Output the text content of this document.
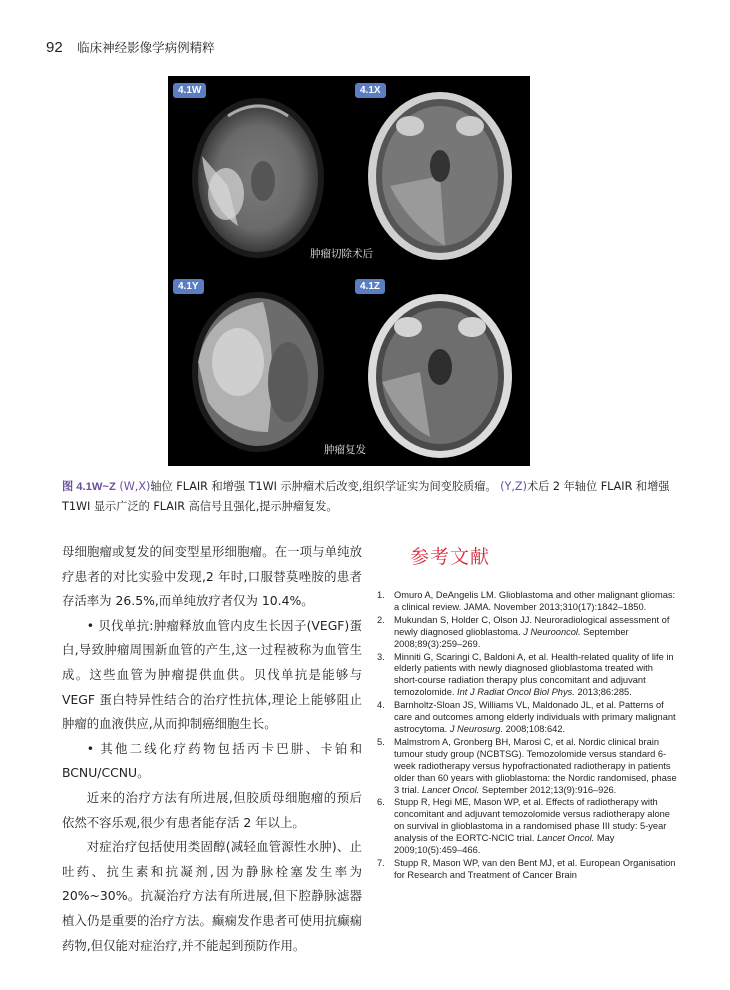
92 临床神经影像学病例精粹
4.1W	4.1X
肿瘤切除术后
4.1Y	4.1Z
肿瘤复发
图 4.1W~Z (W,X)轴位 FLAIR 和增强 T1WI 示肿瘤术后改变,组织学证实为间变胶质瘤。 (Y,Z)术后 2 年轴位 FLAIR 和增强 T1WI 显示广泛的 FLAIR 高信号且强化,提示肿瘤复发。

母细胞瘤或复发的间变型星形细胞瘤。在一项与单纯放疗患者的对比实验中发现,2 年时,口服替莫唑胺的患者存活率为 26.5%,而单纯放疗者仅为 10.4%。

• 贝伐单抗:肿瘤释放血管内皮生长因子(VEGF)蛋白,导致肿瘤周围新血管的产生,这一过程被称为血管生成。这些血管为肿瘤提供血供。贝伐单抗是能够与 VEGF 蛋白特异性结合的治疗性抗体,理论上能够阻止肿瘤的血液供应,从而抑制癌细胞生长。

• 其他二线化疗药物包括丙卡巴肼、卡铂和 BCNU/CCNU。

近来的治疗方法有所进展,但胶质母细胞瘤的预后依然不容乐观,很少有患者能存活 2 年以上。

对症治疗包括使用类固醇(减轻血管源性水肿)、止吐药、抗生素和抗凝剂,因为静脉栓塞发生率为 20%~30%。抗凝治疗方法有所进展,但下腔静脉滤器植入仍是重要的治疗方法。癫痫发作患者可使用抗癫痫药物,但仅能对症治疗,并不能起到预防作用。

参考文献
1. Omuro A, DeAngelis LM. Glioblastoma and other malignant gliomas: a clinical review. JAMA. November 2013;310(17):1842–1850.
2. Mukundan S, Holder C, Olson JJ. Neuroradiological assessment of newly diagnosed glioblastoma. J Neurooncol. September 2008;89(3):259–269.
3. Minniti G, Scaringi C, Baldoni A, et al. Health-related quality of life in elderly patients with newly diagnosed glioblastoma treated with short-course radiation therapy plus concomitant and adjuvant temozolomide. Int J Radiat Oncol Biol Phys. 2013;86:285.
4. Barnholtz-Sloan JS, Williams VL, Maldonado JL, et al. Patterns of care and outcomes among elderly individuals with primary malignant astrocytoma. J Neurosurg. 2008;108:642.
5. Malmstrom A, Gronberg BH, Marosi C, et al. Nordic clinical brain tumour study group (NCBTSG). Temozolomide versus standard 6-week radiotherapy versus hypofractionated radiotherapy in patients older than 60 years with glioblastoma: the Nordic randomised, phase 3 trial. Lancet Oncol. September 2012;13(9):916–926.
6. Stupp R, Hegi ME, Mason WP, et al. Effects of radiotherapy with concomitant and adjuvant temozolomide versus radiotherapy alone on survival in glioblastoma in a randomised phase III study: 5-year analysis of the EORTC-NCIC trial. Lancet Oncol. May 2009;10(5):459–466.
7. Stupp R, Mason WP, van den Bent MJ, et al. European Organisation for Research and Treatment of Cancer Brain
